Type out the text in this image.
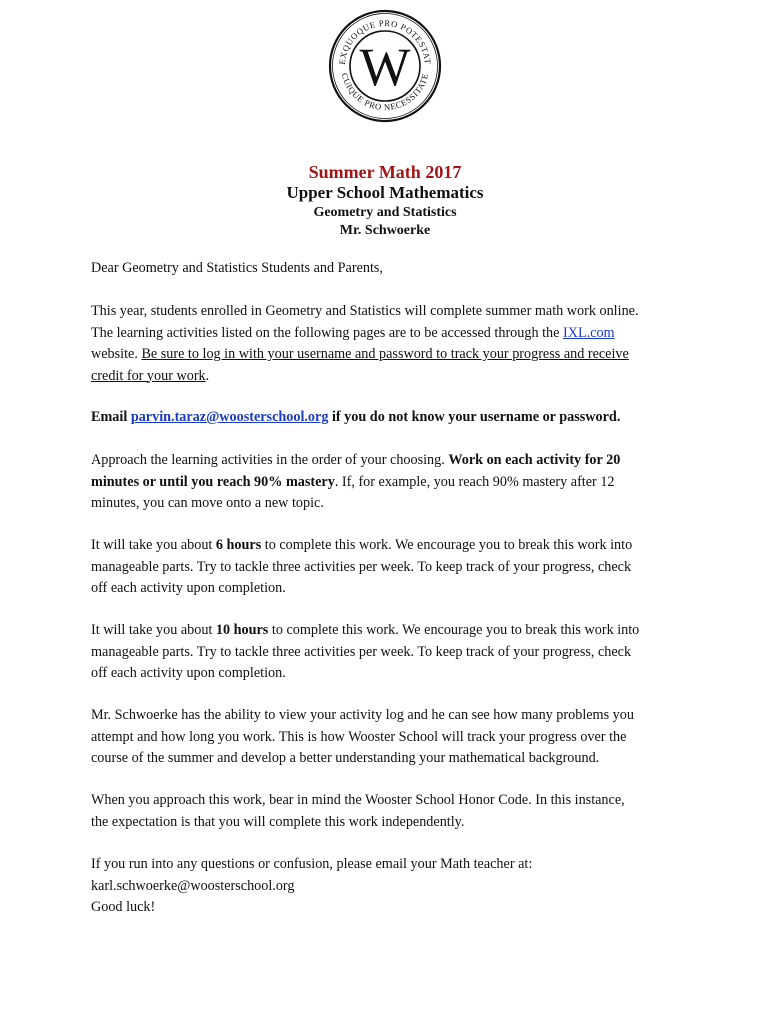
EXQUOQUE PRO POTESTAT
CUIQUE PRO NECESSITATE
W
Summer Math 2017
Upper School Mathematics
Geometry and Statistics
Mr. Schwoerke

Dear Geometry and Statistics Students and Parents,

This year, students enrolled in Geometry and Statistics will complete summer math work online.

The learning activities listed on the following pages are to be accessed through the IXL.com

website. Be sure to log in with your username and password to track your progress and receive

credit for your work.

Email parvin.taraz@woosterschool.org if you do not know your username or password.

Approach the learning activities in the order of your choosing. Work on each activity for 20

minutes or until you reach 90% mastery. If, for example, you reach 90% mastery after 12

minutes, you can move onto a new topic.

It will take you about 6 hours to complete this work. We encourage you to break this work into

manageable parts. Try to tackle three activities per week. To keep track of your progress, check

off each activity upon completion.

It will take you about 10 hours to complete this work. We encourage you to break this work into

manageable parts. Try to tackle three activities per week. To keep track of your progress, check

off each activity upon completion.

Mr. Schwoerke has the ability to view your activity log and he can see how many problems you

attempt and how long you work. This is how Wooster School will track your progress over the

course of the summer and develop a better understanding your mathematical background.

When you approach this work, bear in mind the Wooster School Honor Code. In this instance,

the expectation is that you will complete this work independently.

If you run into any questions or confusion, please email your Math teacher at:

karl.schwoerke@woosterschool.org

Good luck!
